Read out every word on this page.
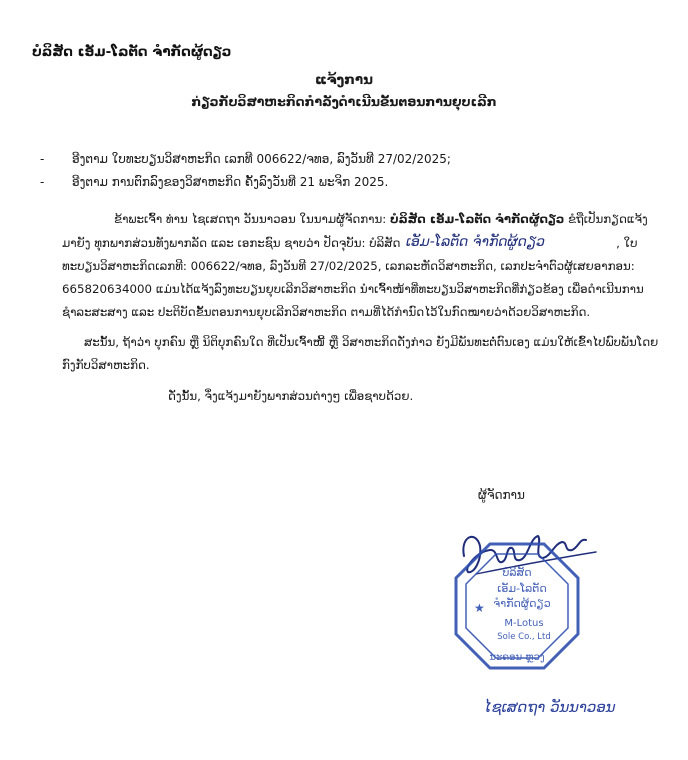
ບໍລິສັດ ເອັມ-ໂລຕັດ ຈຳກັດຜູ້ດຽວ
ແຈ້ງການ
ກ່ຽວກັບວິສາຫະກິດກຳລັງດຳເນີນຂັ້ນຕອນການຍຸບເລີກ
-	ອີງຕາມ ໃບທະບຽນວິສາຫະກິດ ເລກທີ 006622/ຈທອ, ລົງວັນທີ 27/02/2025;
-	ອີງຕາມ ການຕົກລົງຂອງວິສາຫະກິດ ຄັ້ງລົງວັນທີ 21 ພະຈິກ 2025.

ຂ້າພະເຈົ້າ ທ່ານ ໄຊເສດຖາ ວັນນາວອນ ໃນນາມຜູ້ຈັດການ: ບໍລິສັດ ເອັມ-ໂລຕັດ ຈຳກັດຜູ້ດຽວ ຂໍຖືເປັນກຽດແຈ້ງມາຍັງ ທຸກພາກສ່ວນທັງພາກລັດ ແລະ ເອກະຊົນ ຊາບວ່າ ປັດຈຸບັນ: ບໍລິສັດ ເອັມ-ໂລຕັດ ຈຳກັດຜູ້ດຽວ	, ໃບທະບຽນວິສາຫະກິດເລກທີ: 006622/ຈທອ, ລົງວັນທີ 27/02/2025, ເລກລະຫັດວິສາຫະກິດ, ເລກປະຈຳຕົວຜູ້ເສຍອາກອນ: 665820634000 ແມ່ນໄດ້ແຈ້ງລົງທະບຽນຍຸບເລີກວິສາຫະກິດ ນຳເຈົ້າໜ້າທີ່ທະບຽນວິສາຫະກິດທີ່ກ່ຽວຂ້ອງ ເພື່ອດຳເນີນການຊຳລະສະສາງ ແລະ ປະຕິບັດຂັ້ນຕອນການຍຸບເລີກວິສາຫະກິດ ຕາມທີ່ໄດ້ກຳນົດໄວ້ໃນກົດໝາຍວ່າດ້ວຍວິສາຫະກິດ.

ສະນັ້ນ, ຖ້າວ່າ ບຸກຄົນ ຫຼື ນິຕິບຸກຄົນໃດ ທີ່ເປັນເຈົ້າໜີ້ ຫຼື ວິສາຫະກິດດັ່ງກ່າວ ຍັງມີພັນທະຕໍ່ຕົນເອງ ແມ່ນໃຫ້ເຂົ້າໄປພົບພັນໂດຍກົງກັບວິສາຫະກິດ.

ດັ່ງນັ້ນ, ຈຶ່ງແຈ້ງມາຍັງພາກສ່ວນຕ່າງໆ ເພື່ອຊາບດ້ວຍ.

ຜູ້ຈັດການ
★
ບໍລິສັດ
ເອັມ-ໂລຕັດ
ຈຳກັດຜູ້ດຽວ
M-Lotus
Sole Co., Ltd
ນະຄອນ ຫຼວງ
ໄຊເສດຖາ ວັນນາວອນ
